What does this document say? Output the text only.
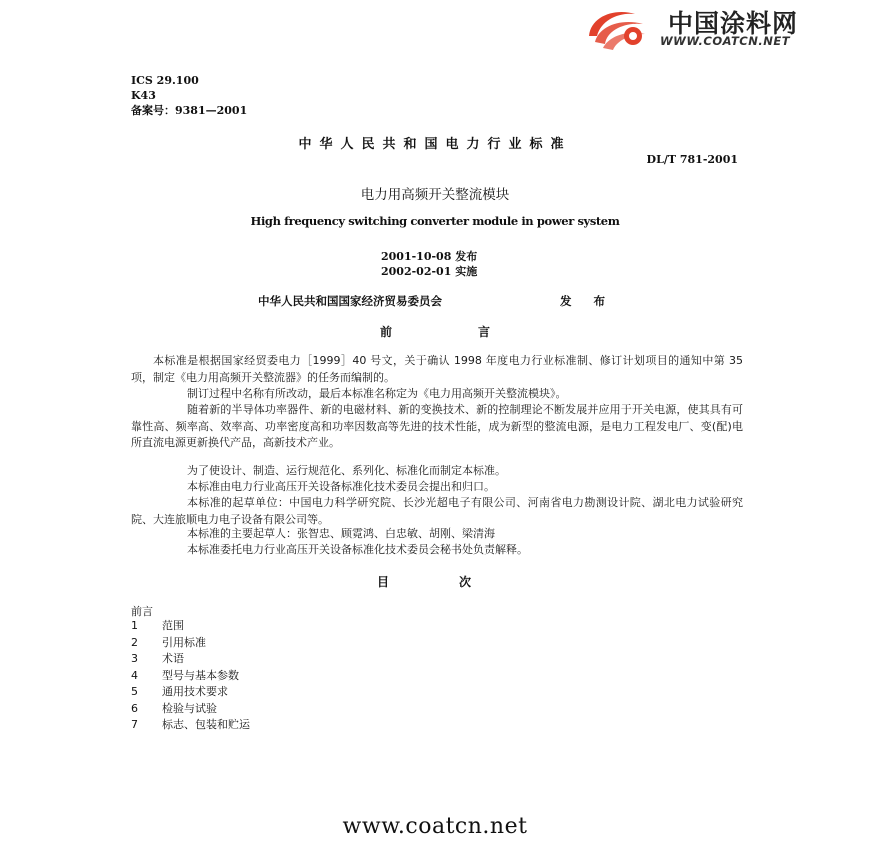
中国涂料网
WWW.COATCN.NET
ICS 29.100
K43
备案号：9381—2001
中华人民共和国电力行业标准
DL/T 781-2001
电力用高频开关整流模块
High frequency switching converter module in power system
2001-10-08 发布
2002-02-01 实施
中华人民共和国国家经济贸易委员会	发布
前	言
本标准是根据国家经贸委电力［1999］40 号文，关于确认 1998 年度电力行业标准制、修订计划项目的通知中第 35 项，制定《电力用高频开关整流器》的任务而编制的。
制订过程中名称有所改动，最后本标准名称定为《电力用高频开关整流模块》。
随着新的半导体功率器件、新的电磁材料、新的变换技术、新的控制理论不断发展并应用于开关电源，使其具有可靠性高、频率高、效率高、功率密度高和功率因数高等先进的技术性能，成为新型的整流电源，是电力工程发电厂、变(配)电所直流电源更新换代产品，高新技术产业。
为了使设计、制造、运行规范化、系列化、标准化而制定本标准。
本标准由电力行业高压开关设备标准化技术委员会提出和归口。
本标准的起草单位：中国电力科学研究院、长沙光超电子有限公司、河南省电力勘测设计院、湖北电力试验研究院、大连旅顺电力电子设备有限公司等。
本标准的主要起草人：张智忠、顾霓鸿、白忠敏、胡刚、梁清海
本标准委托电力行业高压开关设备标准化技术委员会秘书处负责解释。
目	次
前言
1 范围
2 引用标准
3 术语
4 型号与基本参数
5 通用技术要求
6 检验与试验
7 标志、包装和贮运
www.coatcn.net
